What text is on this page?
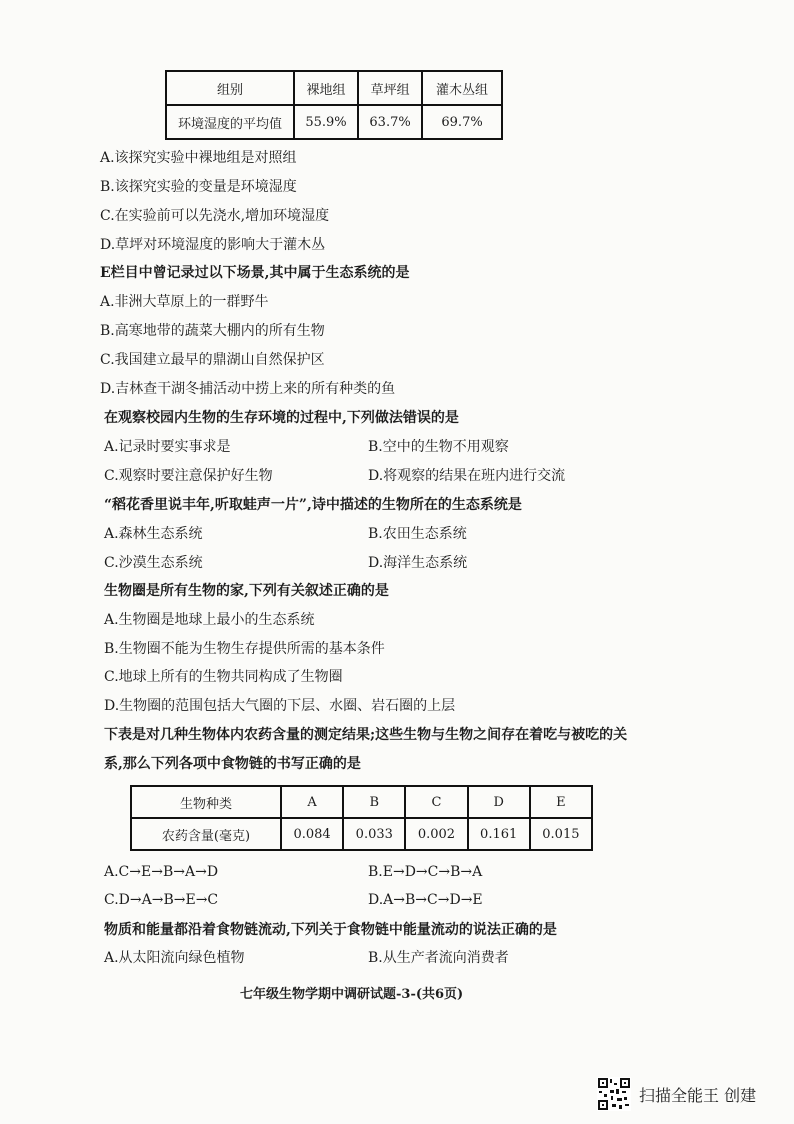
组别	裸地组	草坪组	灌木丛组
环境湿度的平均值	55.9%	63.7%	69.7%
A.该探究实验中裸地组是对照组
B.该探究实验的变量是环境湿度
C.在实验前可以先浇水,增加环境湿度
D.草坪对环境湿度的影响大于灌木丛
E栏目中曾记录过以下场景,其中属于生态系统的是
A.非洲大草原上的一群野牛
B.高寒地带的蔬菜大棚内的所有生物
C.我国建立最早的鼎湖山自然保护区
D.吉林查干湖冬捕活动中捞上来的所有种类的鱼
在观察校园内生物的生存环境的过程中,下列做法错误的是
A.记录时要实事求是	B.空中的生物不用观察
C.观察时要注意保护好生物	D.将观察的结果在班内进行交流
“稻花香里说丰年,听取蛙声一片”,诗中描述的生物所在的生态系统是
A.森林生态系统	B.农田生态系统
C.沙漠生态系统	D.海洋生态系统
生物圈是所有生物的家,下列有关叙述正确的是
A.生物圈是地球上最小的生态系统
B.生物圈不能为生物生存提供所需的基本条件
C.地球上所有的生物共同构成了生物圈
D.生物圈的范围包括大气圈的下层、水圈、岩石圈的上层
下表是对几种生物体内农药含量的测定结果;这些生物与生物之间存在着吃与被吃的关
系,那么下列各项中食物链的书写正确的是
生物种类	A	B	C	D	E
农药含量(毫克)	0.084	0.033	0.002	0.161	0.015
A.C→E→B→A→D	B.E→D→C→B→A
C.D→A→B→E→C	D.A→B→C→D→E
物质和能量都沿着食物链流动,下列关于食物链中能量流动的说法正确的是
A.从太阳流向绿色植物	B.从生产者流向消费者
七年级生物学期中调研试题-3-(共6页)
扫描全能王 创建
